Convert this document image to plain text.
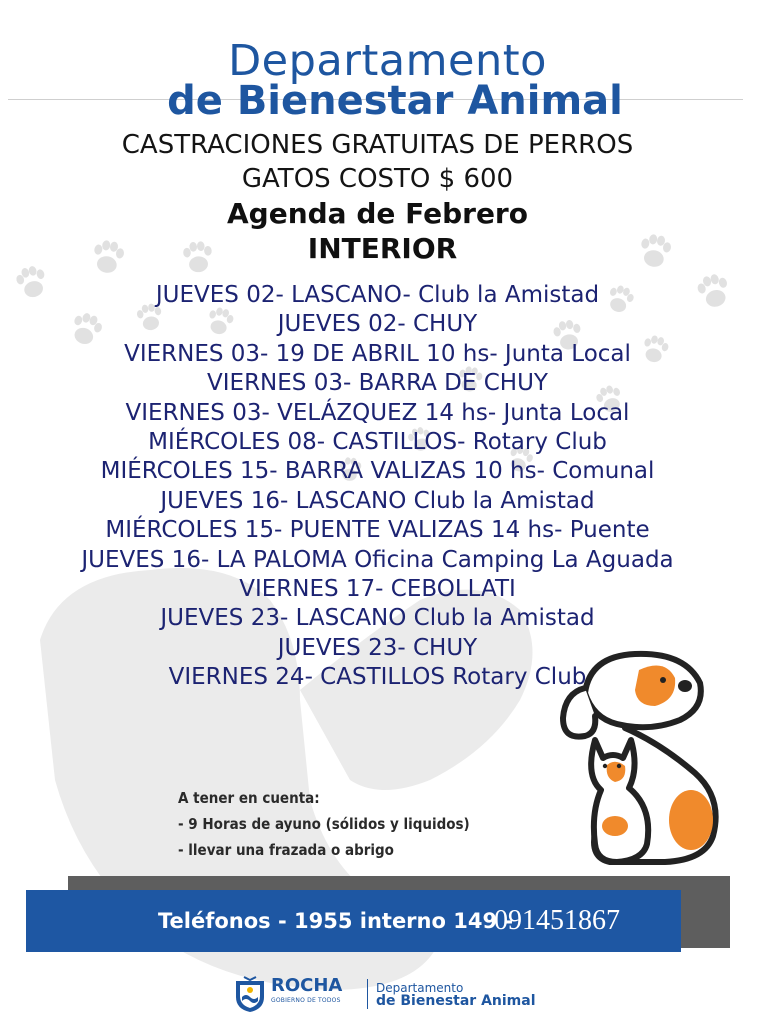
Departamento
de Bienestar Animal
CASTRACIONES GRATUITAS DE PERROS
GATOS COSTO $ 600
Agenda de Febrero
INTERIOR
JUEVES 02- LASCANO- Club la Amistad
JUEVES 02- CHUY
VIERNES 03- 19 DE ABRIL 10 hs- Junta Local
VIERNES 03- BARRA DE CHUY
VIERNES 03- VELÁZQUEZ 14 hs- Junta Local
MIÉRCOLES 08- CASTILLOS- Rotary Club
MIÉRCOLES 15- BARRA VALIZAS 10 hs- Comunal
JUEVES 16- LASCANO Club la Amistad
MIÉRCOLES 15- PUENTE VALIZAS 14 hs- Puente
JUEVES 16- LA PALOMA Oficina Camping La Aguada
VIERNES 17- CEBOLLATI
JUEVES 23- LASCANO Club la Amistad
JUEVES 23- CHUY
VIERNES 24- CASTILLOS Rotary Club
A tener en cuenta:
- 9 Horas de ayuno (sólidos y liquidos)
- llevar una frazada o abrigo
Teléfonos - 1955 interno 149 -
091451867
ROCHA
GOBIERNO DE TODOS
Departamento
de Bienestar Animal
